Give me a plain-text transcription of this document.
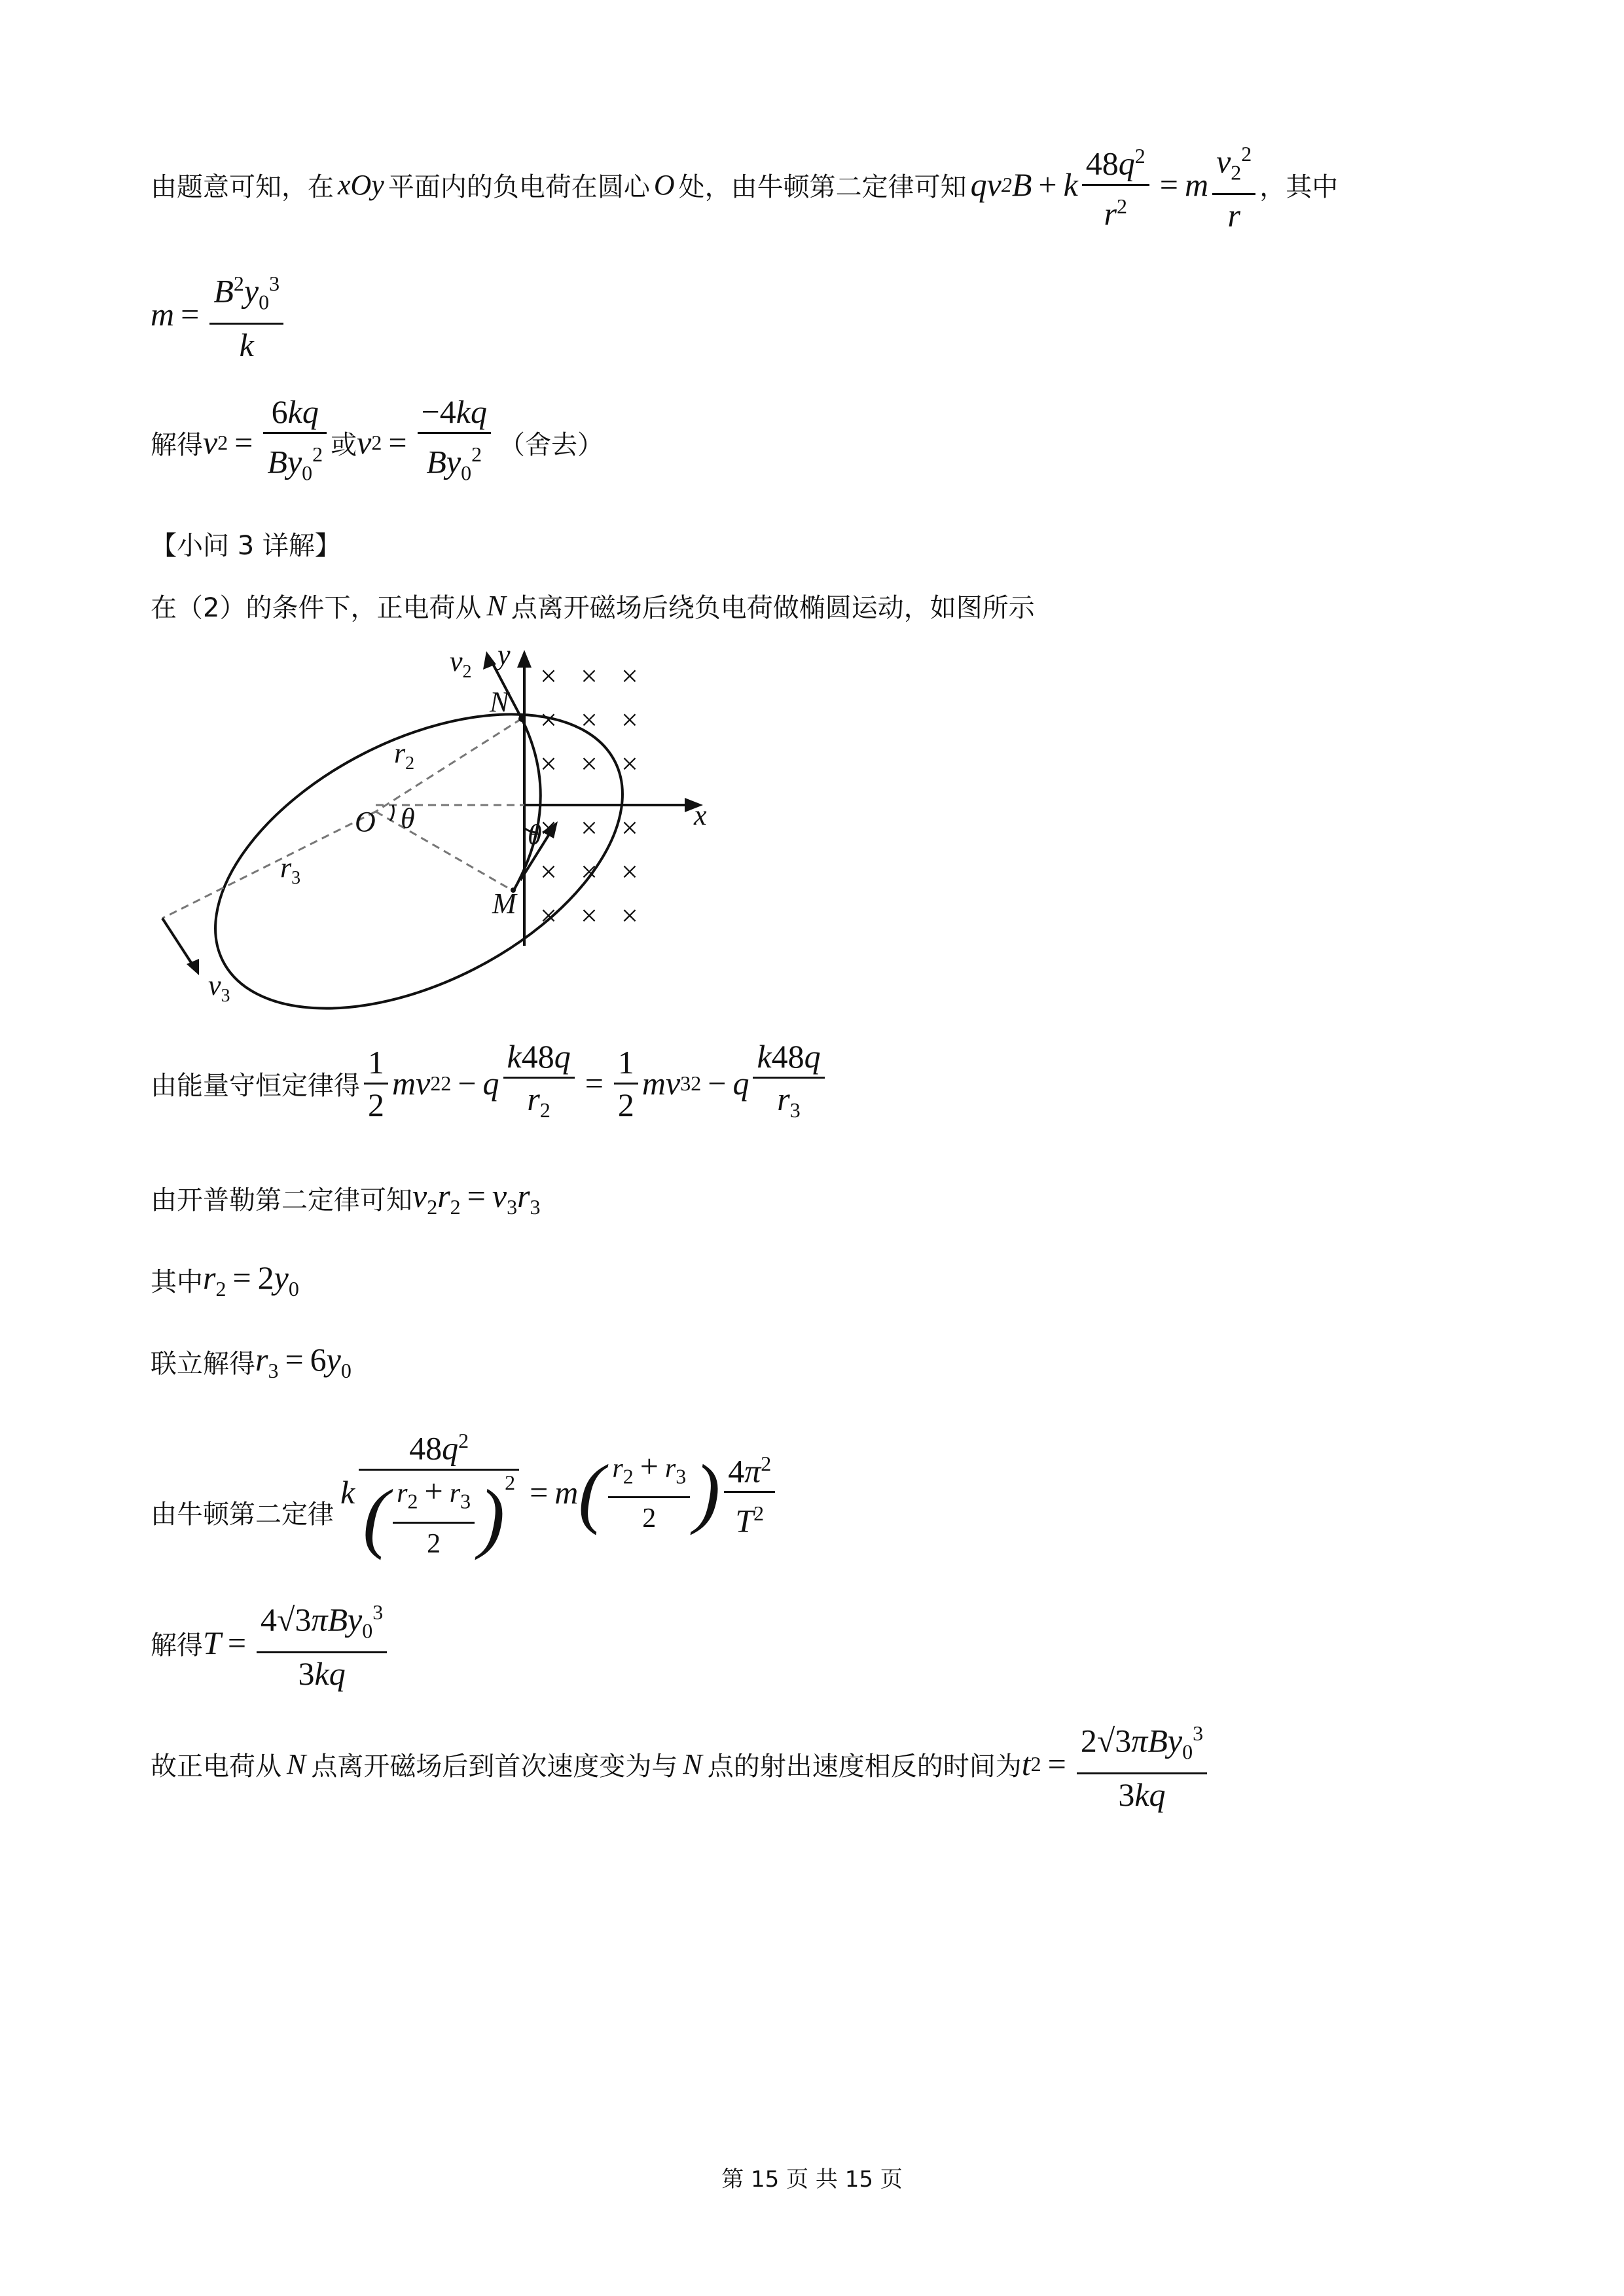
由题意可知，在 xOy 平面内的负电荷在圆心 O 处，由牛顿第二定律可知 qv 2 B + k $\frac{48q^2}{r^2} = m \frac{v_2^2}{r}$ ，其中
$m = \frac{B^2y_0^3}{k}$
解得 v $2 = \frac{6kq}{By_0^2}$ 或 v $2 = \frac{-4kq}{By_0^2}$ （舍去）
【小问 3 详解】
在（2）的条件下，正电荷从 N 点离开磁场后绕负电荷做椭圆运动，如图所示
× × ×
× × ×
× × ×
× × ×
× × ×
× × ×
$v_2$
y
N
$r_2$
O θ
θ
x
$r_3$
M
$v_3$
由能量守恒定律得 $\frac{1}{2}$ mv 2 2 − q $\frac{k48q}{r_2} = \frac{1}{2}$ mv 3 2 − q $\frac{k48q}{r_3}$
由开普勒第二定律可知 $v_2r_2 = v_3r_3$
其中 $r_2 = 2y_0$
联立解得 $r_3 = 6y_0$
由牛顿第二定律
k $\frac{48q^2}{( \frac{r_2 + r_3}{2} )^2} = m$ ( $\frac{r_2 + r_3}{2}$ ) $\frac{4\pi^2}{T^2}$
解得 $T = \frac{4√3\pi By_0^3}{3kq}$
故正电荷从 N 点离开磁场后到首次速度变为与 N 点的射出速度相反的时间为 t $2 = \frac{2√3\pi By_0^3}{3kq}$
第 15 页 共 15 页
